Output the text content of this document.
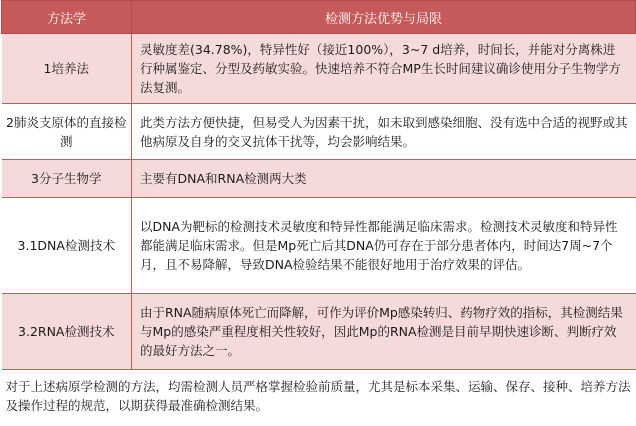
方法学	检测方法优势与局限
1培养法	灵敏度差(34.78%)，特异性好（接近100%），3~7 d培养，时间长，并能对分离株进行种属鉴定、分型及药敏实验。快速培养不符合MP生长时间建议确诊使用分子生物学方法复测。
2肺炎支原体的直接检测	此类方法方便快捷，但易受人为因素干扰，如未取到感染细胞、没有选中合适的视野或其他病原及自身的交叉抗体干扰等，均会影响结果。
3分子生物学	主要有DNA和RNA检测两大类
3.1DNA检测技术	以DNA为靶标的检测技术灵敏度和特异性都能满足临床需求。检测技术灵敏度和特异性都能满足临床需求。但是Mp死亡后其DNA仍可存在于部分患者体内，时间达7周~7个月，且不易降解，导致DNA检验结果不能很好地用于治疗效果的评估。
3.2RNA检测技术	由于RNA随病原体死亡而降解，可作为评价Mp感染转归、药物疗效的指标，其检测结果与Mp的感染严重程度相关性较好，因此Mp的RNA检测是目前早期快速诊断、判断疗效的最好方法之一。
对于上述病原学检测的方法，均需检测人员严格掌握检验前质量，尤其是标本采集、运输、保存、接种、培养方法及操作过程的规范，以期获得最准确检测结果。	
